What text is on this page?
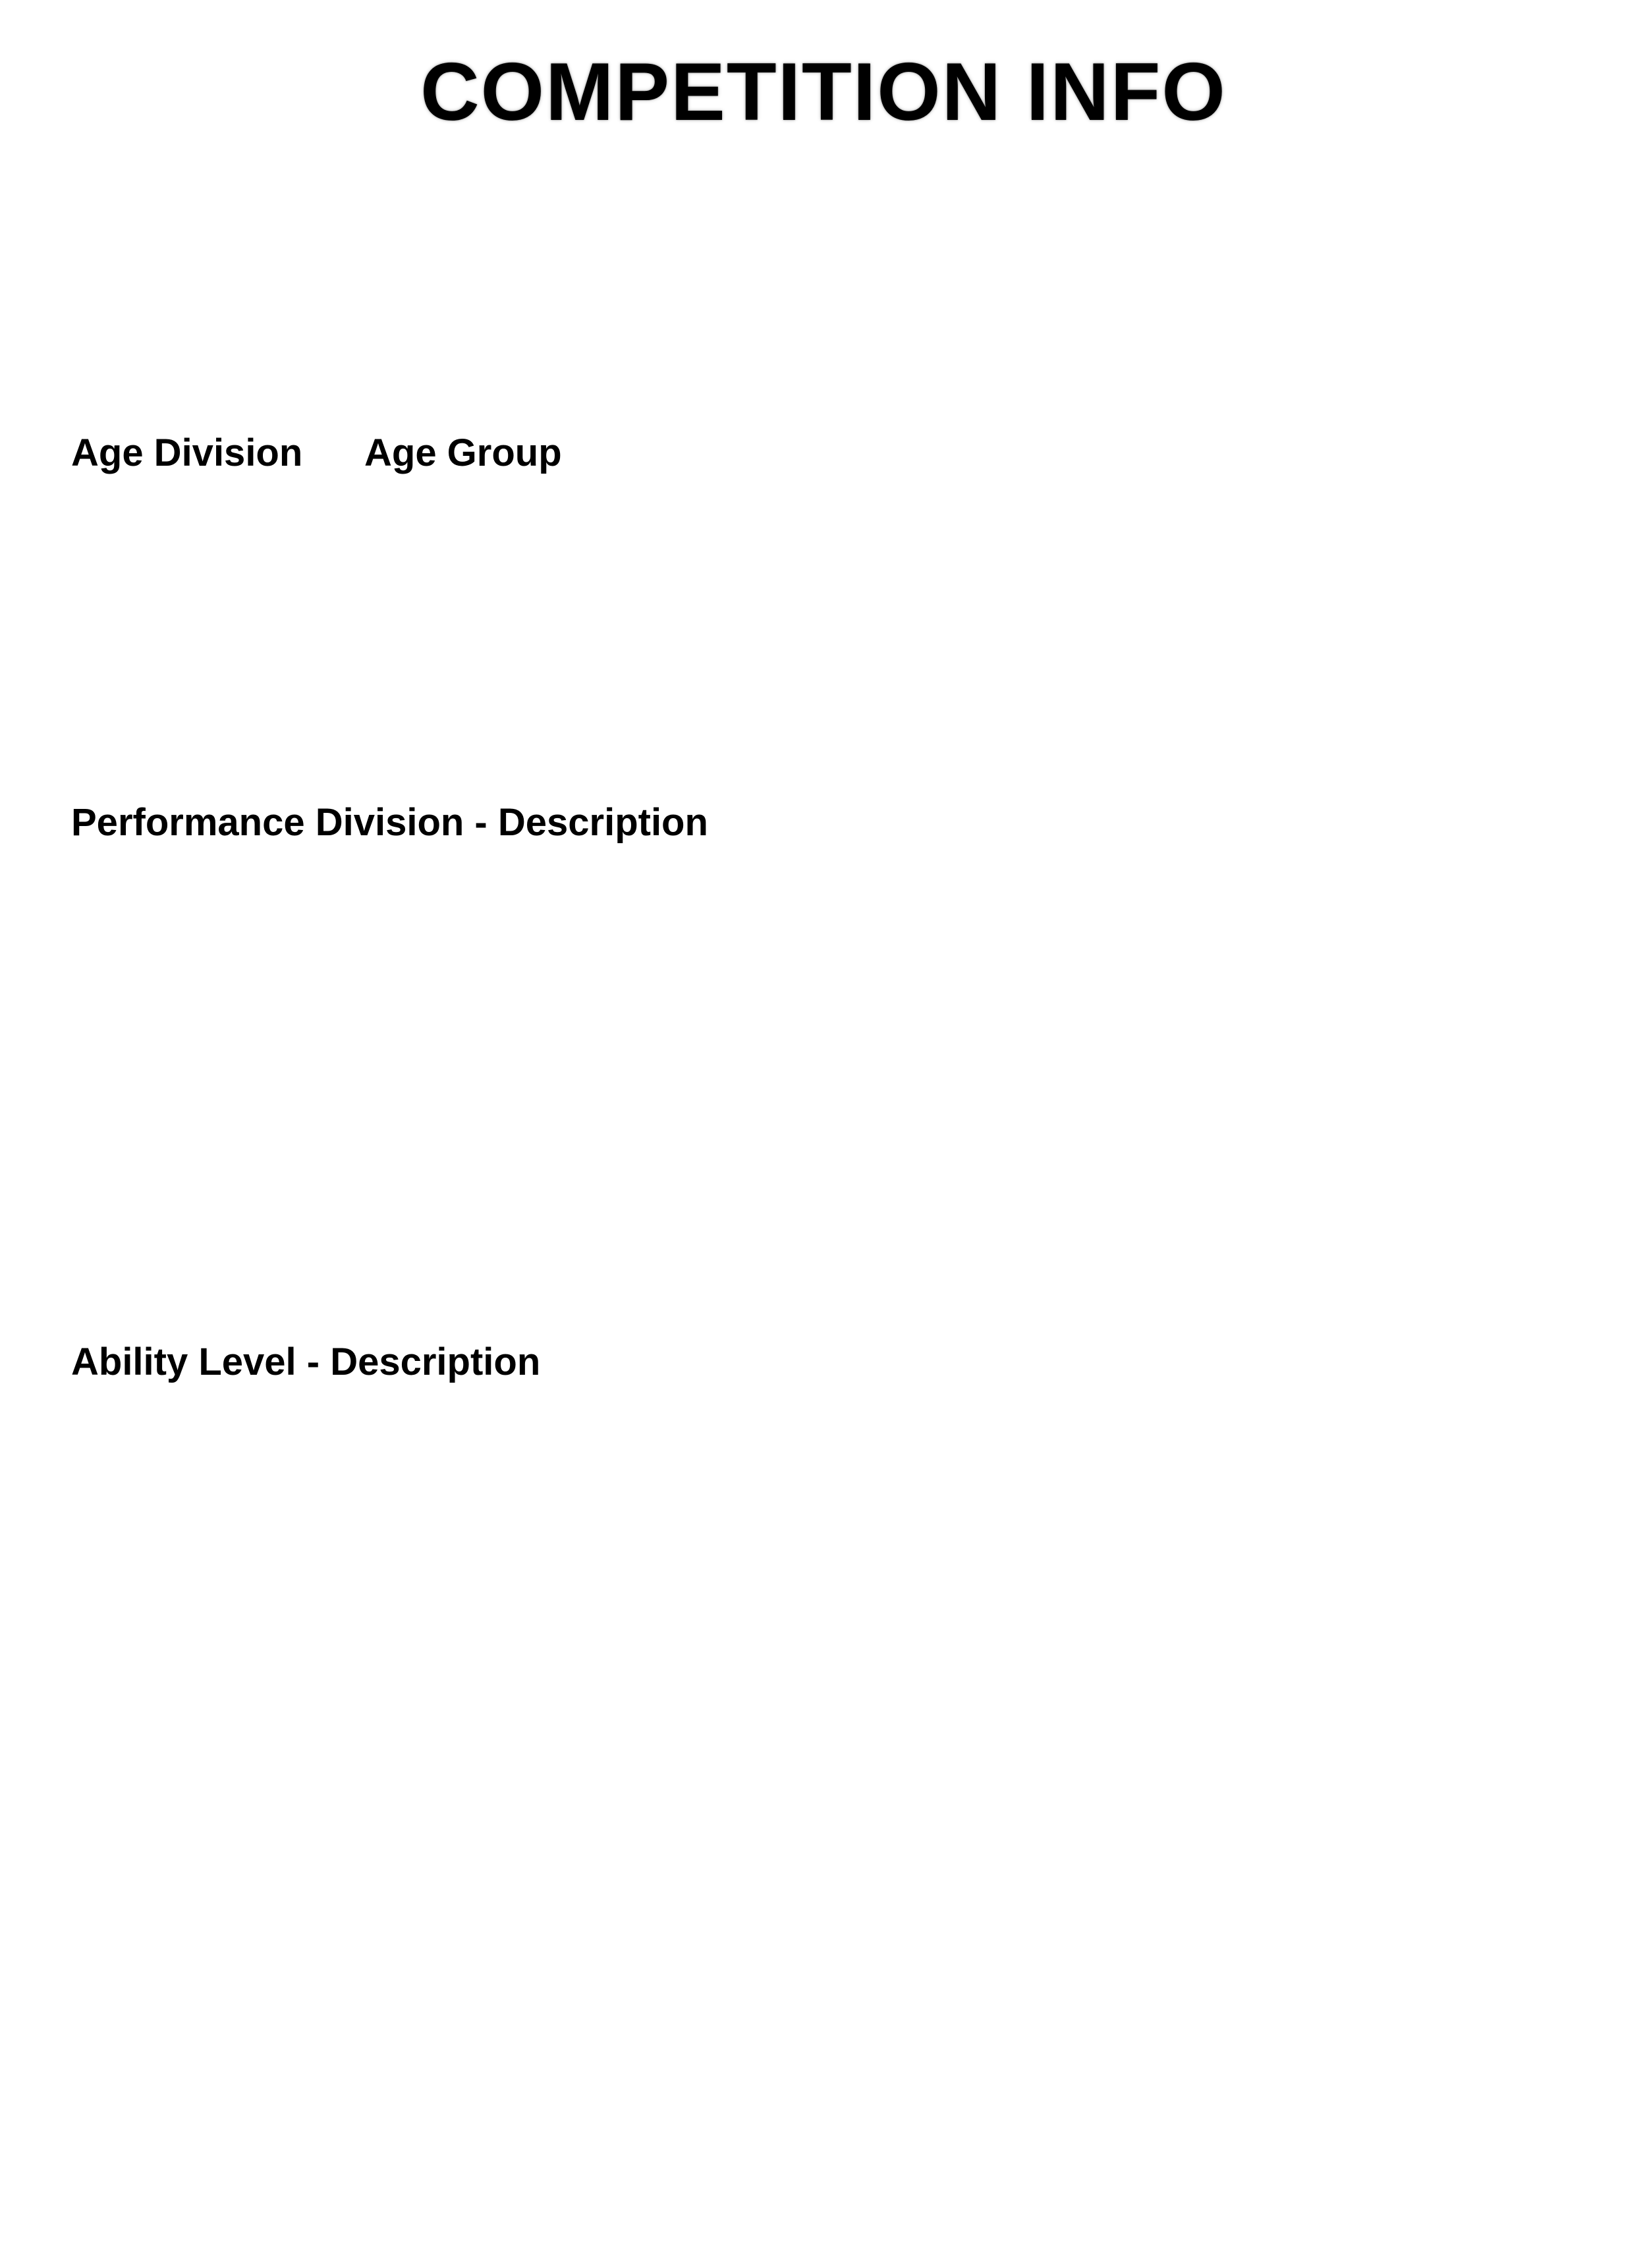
COMPETITION INFO
Age Division Age Group
Performance Division - Description
Ability Level - Description
